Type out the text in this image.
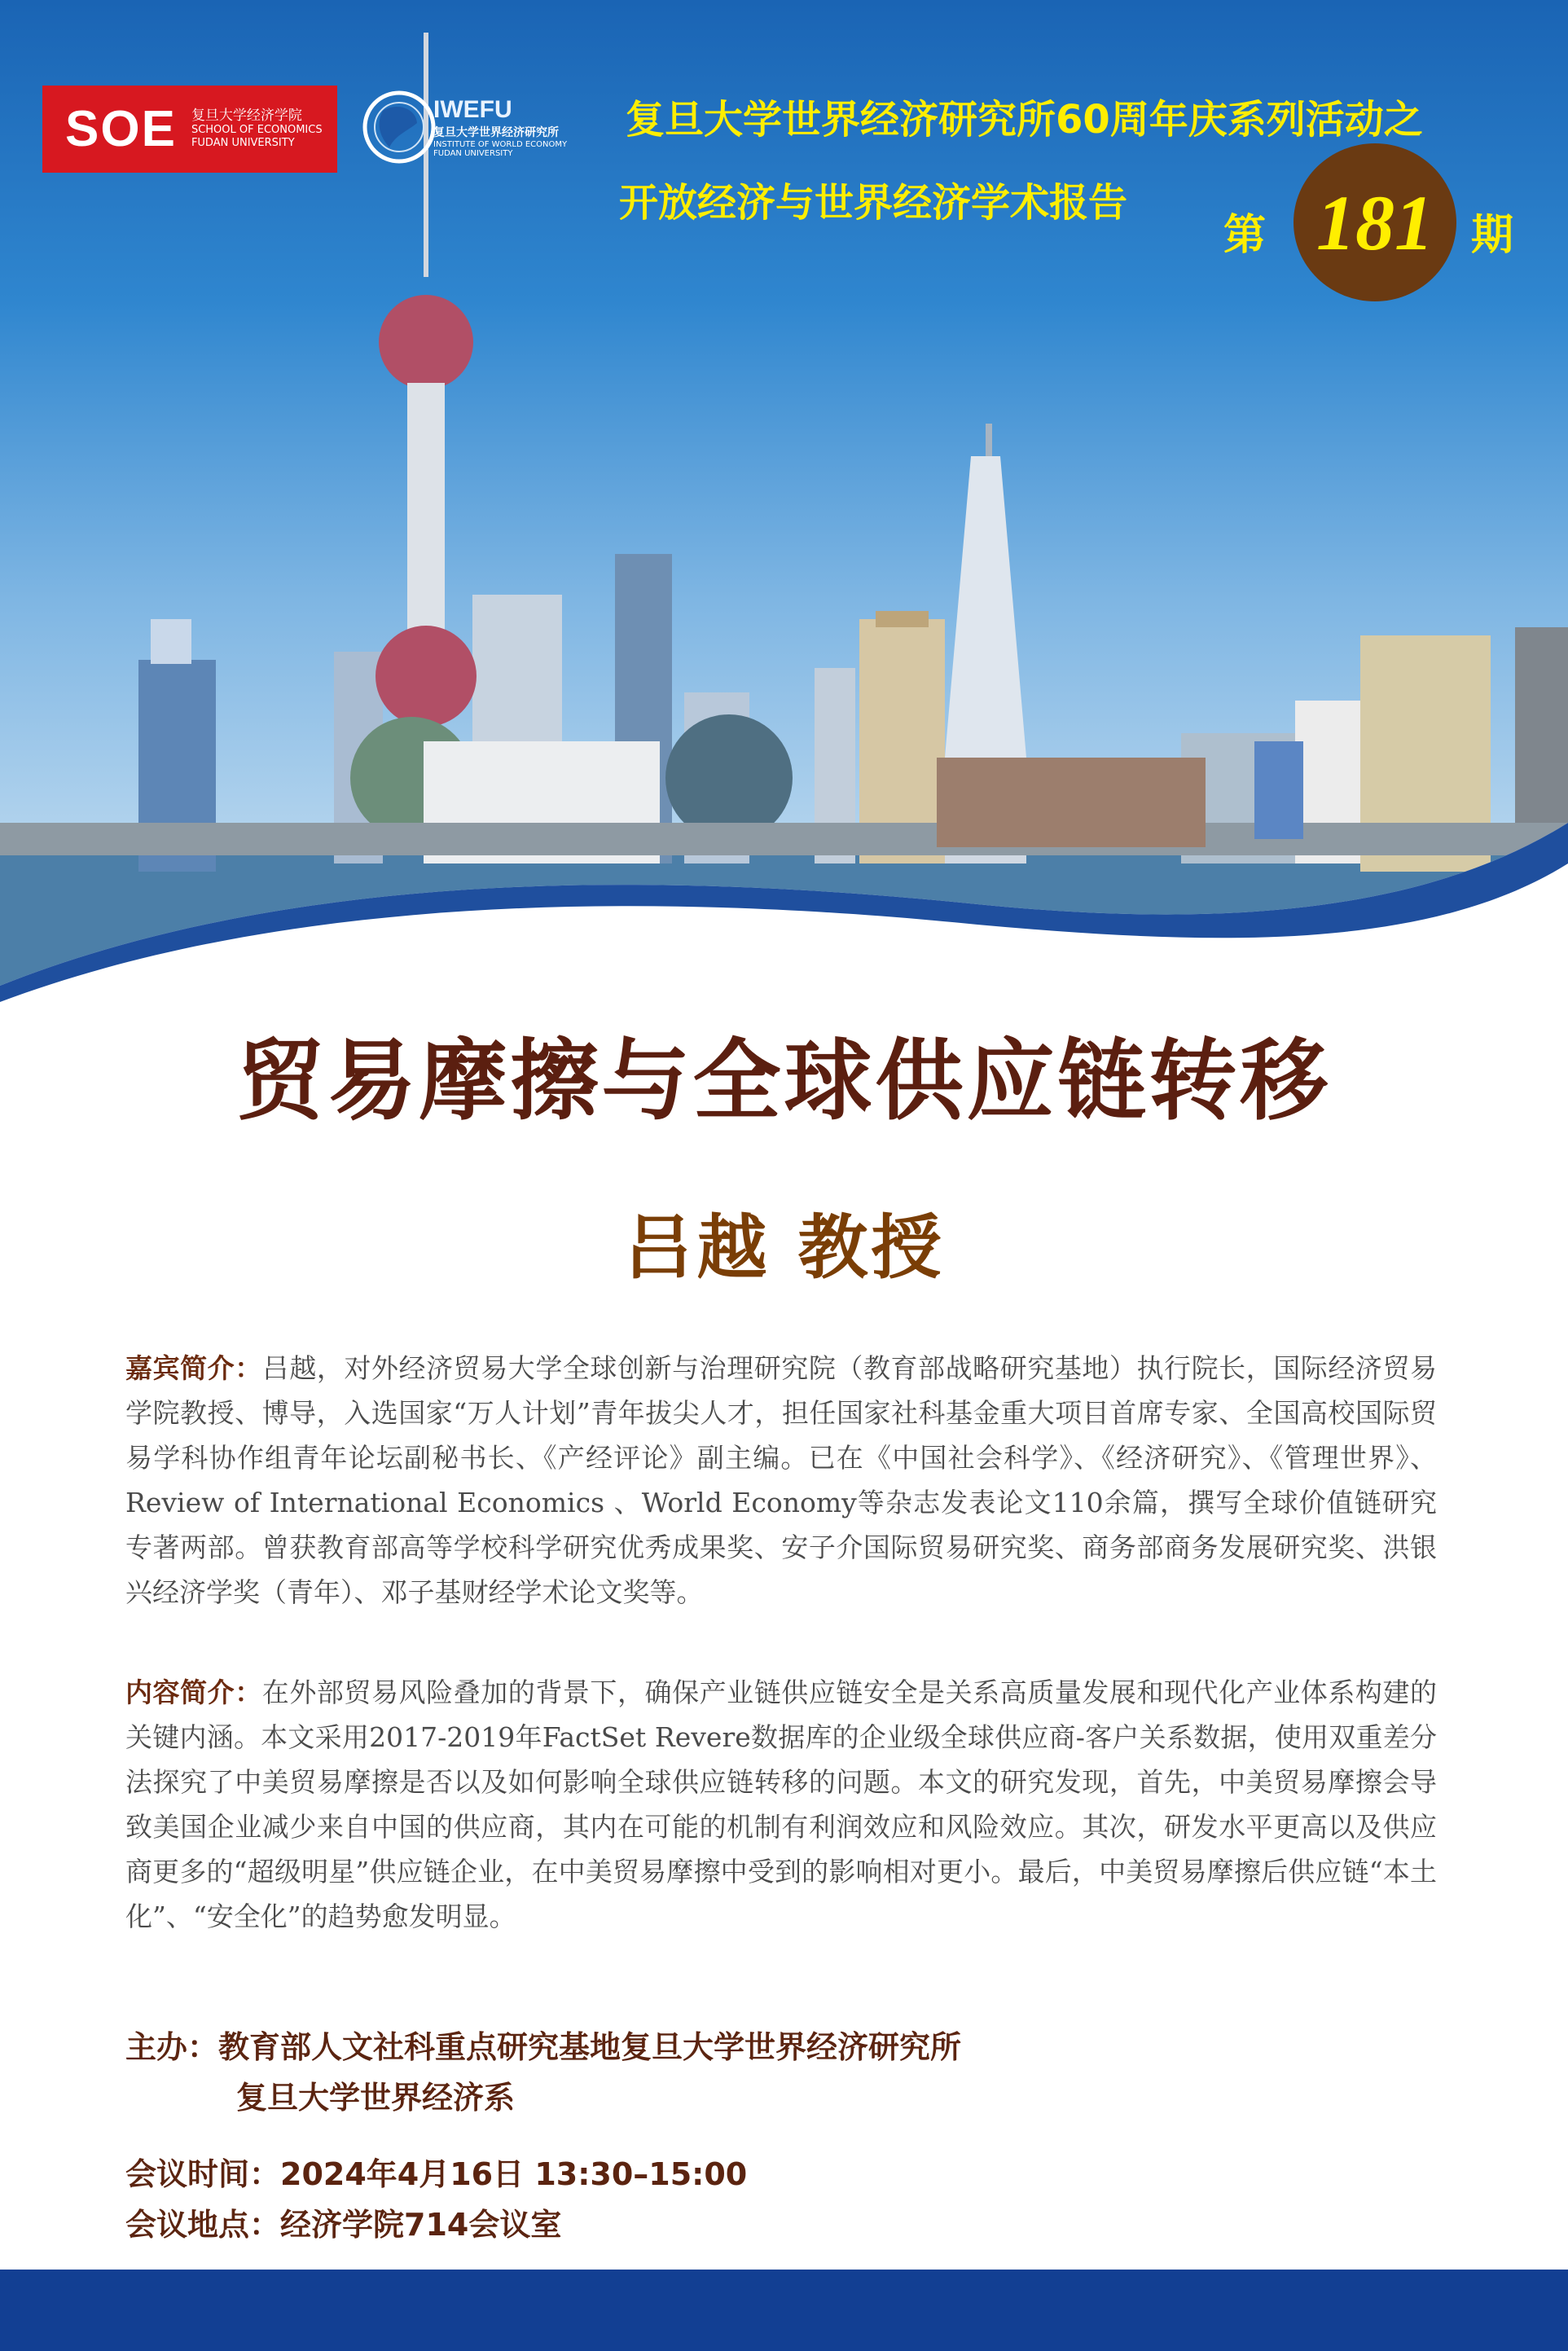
SOE 复旦大学经济学院
SCHOOL OF ECONOMICS
FUDAN UNIVERSITY
IWEFU
复旦大学世界经济研究所
INSTITUTE OF WORLD ECONOMY
FUDAN UNIVERSITY
复旦大学世界经济研究所60周年庆系列活动之
开放经济与世界经济学术报告
第 181 期
贸易摩擦与全球供应链转移
吕越 教授

嘉宾简介：吕越，对外经济贸易大学全球创新与治理研究院（教育部战略研究基地）执行院长，国际经济贸易学院教授、博导，入选国家“万人计划”青年拔尖人才，担任国家社科基金重大项目首席专家、全国高校国际贸易学科协作组青年论坛副秘书长、《产经评论》副主编。已在《中国社会科学》、《经济研究》、《管理世界》、Review of International Economics 、World Economy等杂志发表论文110余篇，撰写全球价值链研究专著两部。曾获教育部高等学校科学研究优秀成果奖、安子介国际贸易研究奖、商务部商务发展研究奖、洪银兴经济学奖（青年）、邓子基财经学术论文奖等。

内容简介：在外部贸易风险叠加的背景下，确保产业链供应链安全是关系高质量发展和现代化产业体系构建的关键内涵。本文采用2017-2019年FactSet Revere数据库的企业级全球供应商-客户关系数据，使用双重差分法探究了中美贸易摩擦是否以及如何影响全球供应链转移的问题。本文的研究发现，首先，中美贸易摩擦会导致美国企业减少来自中国的供应商，其内在可能的机制有利润效应和风险效应。其次，研发水平更高以及供应商更多的“超级明星”供应链企业，在中美贸易摩擦中受到的影响相对更小。最后，中美贸易摩擦后供应链“本土化”、“安全化”的趋势愈发明显。

主办：教育部人文社科重点研究基地复旦大学世界经济研究所
复旦大学世界经济系
会议时间：2024年4月16日 13:30–15:00
会议地点：经济学院714会议室
